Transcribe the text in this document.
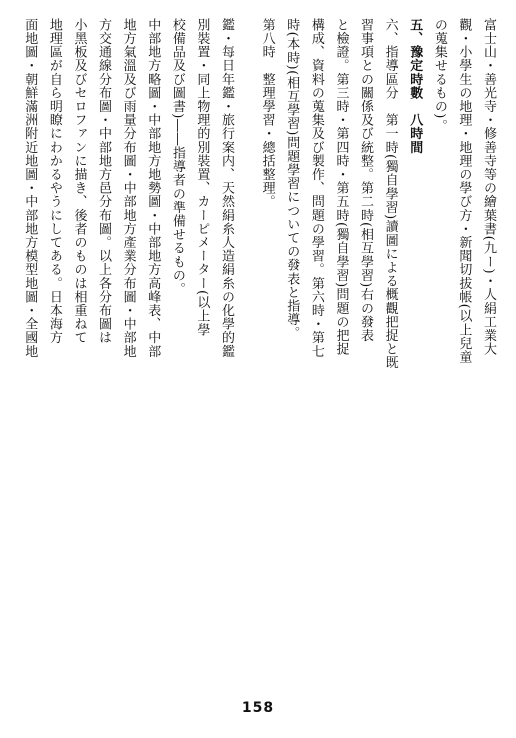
富士山・善光寺・修善寺等の繪葉書(九ー)・人絹工業大

觀・小學生の地理・地理の學び方・新聞切拔帳(以上兒童

の蒐集せるもの)。

五、豫定時數　八時間

六、指導區分　第一時(獨自學習)讀圖による概觀把捉と既

習事項との關係及び統整。第二時(相互學習)右の發表

と檢證。第三時・第四時・第五時(獨自學習)問題の把捉

構成、資料の蒐集及び製作、問題の學習。第六時・第七

時(本時)(相互學習)問題學習についての發表と指導。

第八時　整理學習・總括整理。

鑑・每日年鑑・旅行案内、天然絹糸人造絹糸の化學的鑑

別裝置・同上物理的別裝置、カーピメーター(以上學

校備品及び圖書)――指導者の準備せるもの。

中部地方略圖・中部地方地勢圖・中部地方高峰表、中部

地方氣溫及び雨量分布圖・中部地方產業分布圖・中部地

方交通線分布圖・中部地方邑分布圖。以上各分布圖は

小黑板及びセロファンに描き、後者のものは相重ねて

地理區が自ら明瞭にわかるやうにしてある。日本海方

面地圖・朝鮮滿洲附近地圖・中部地方模型地圖・全國地

158
